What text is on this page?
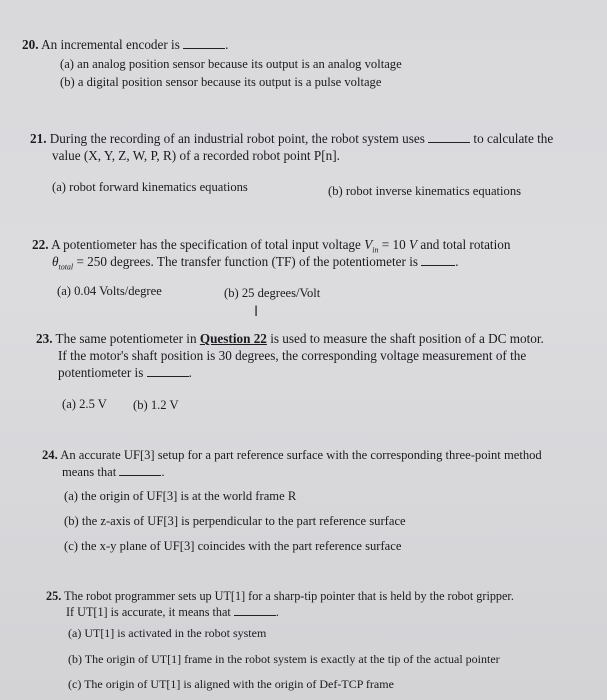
20. An incremental encoder is	.
(a) an analog position sensor because its output is an analog voltage
(b) a digital position sensor because its output is a pulse voltage
21. During the recording of an industrial robot point, the robot system uses	to calculate the
value (X, Y, Z, W, P, R) of a recorded robot point P[n].
(a) robot forward kinematics equations	(b) robot inverse kinematics equations
22. A potentiometer has the specification of total input voltage $V_{in} = 10$ V and total rotation
$\theta_{total} = 250$ degrees. The transfer function (TF) of the potentiometer is	.
(a) 0.04 Volts/degree	(b) 25 degrees/Volt
I
23. The same potentiometer in Question 22 is used to measure the shaft position of a DC motor.
If the motor's shaft position is 30 degrees, the corresponding voltage measurement of the
potentiometer is	.
(a) 2.5 V (b) 1.2 V
24. An accurate UF[3] setup for a part reference surface with the corresponding three-point method
means that	.
(a) the origin of UF[3] is at the world frame R
(b) the z-axis of UF[3] is perpendicular to the part reference surface
(c) the x-y plane of UF[3] coincides with the part reference surface
25. The robot programmer sets up UT[1] for a sharp-tip pointer that is held by the robot gripper.
If UT[1] is accurate, it means that	.
(a) UT[1] is activated in the robot system
(b) The origin of UT[1] frame in the robot system is exactly at the tip of the actual pointer
(c) The origin of UT[1] is aligned with the origin of Def-TCP frame
